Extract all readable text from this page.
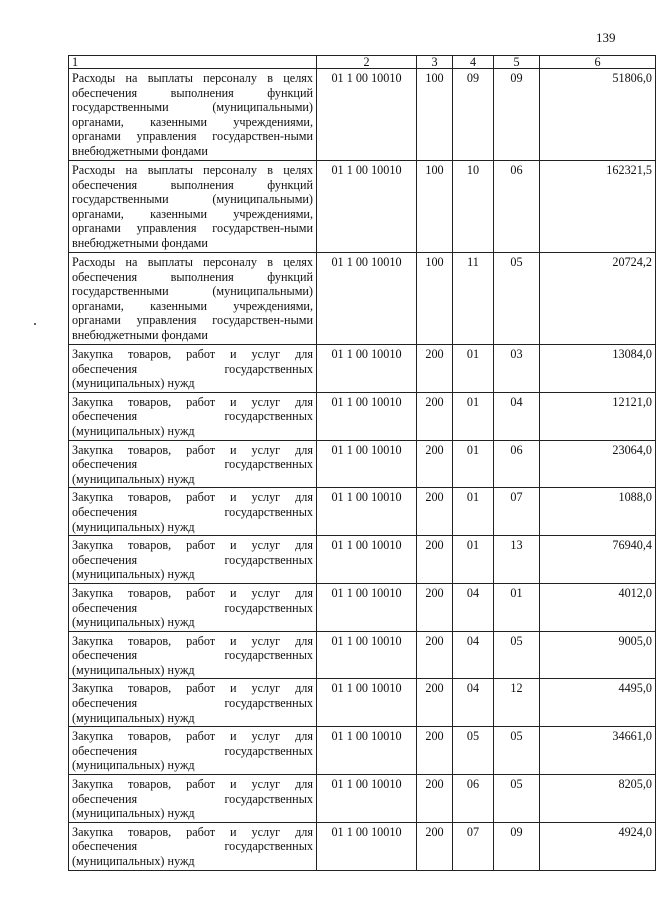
139
1	2	3	4	5	6
Расходы на выплаты персоналу в целях обеспечения выполнения функций государственными (муниципальными) органами, казенными учреждениями, органами управления государствен-ными внебюджетными фондами	01 1 00 10010	100	09	09	51806,0
Расходы на выплаты персоналу в целях обеспечения выполнения функций государственными (муниципальными) органами, казенными учреждениями, органами управления государствен-ными внебюджетными фондами	01 1 00 10010	100	10	06	162321,5
Расходы на выплаты персоналу в целях обеспечения выполнения функций государственными (муниципальными) органами, казенными учреждениями, органами управления государствен-ными внебюджетными фондами	01 1 00 10010	100	11	05	20724,2
Закупка товаров, работ и услуг для обеспечения государственных (муниципальных) нужд	01 1 00 10010	200	01	03	13084,0
Закупка товаров, работ и услуг для обеспечения государственных (муниципальных) нужд	01 1 00 10010	200	01	04	12121,0
Закупка товаров, работ и услуг для обеспечения государственных (муниципальных) нужд	01 1 00 10010	200	01	06	23064,0
Закупка товаров, работ и услуг для обеспечения государственных (муниципальных) нужд	01 1 00 10010	200	01	07	1088,0
Закупка товаров, работ и услуг для обеспечения государственных (муниципальных) нужд	01 1 00 10010	200	01	13	76940,4
Закупка товаров, работ и услуг для обеспечения государственных (муниципальных) нужд	01 1 00 10010	200	04	01	4012,0
Закупка товаров, работ и услуг для обеспечения государственных (муниципальных) нужд	01 1 00 10010	200	04	05	9005,0
Закупка товаров, работ и услуг для обеспечения государственных (муниципальных) нужд	01 1 00 10010	200	04	12	4495,0
Закупка товаров, работ и услуг для обеспечения государственных (муниципальных) нужд	01 1 00 10010	200	05	05	34661,0
Закупка товаров, работ и услуг для обеспечения государственных (муниципальных) нужд	01 1 00 10010	200	06	05	8205,0
Закупка товаров, работ и услуг для обеспечения государственных (муниципальных) нужд	01 1 00 10010	200	07	09	4924,0
